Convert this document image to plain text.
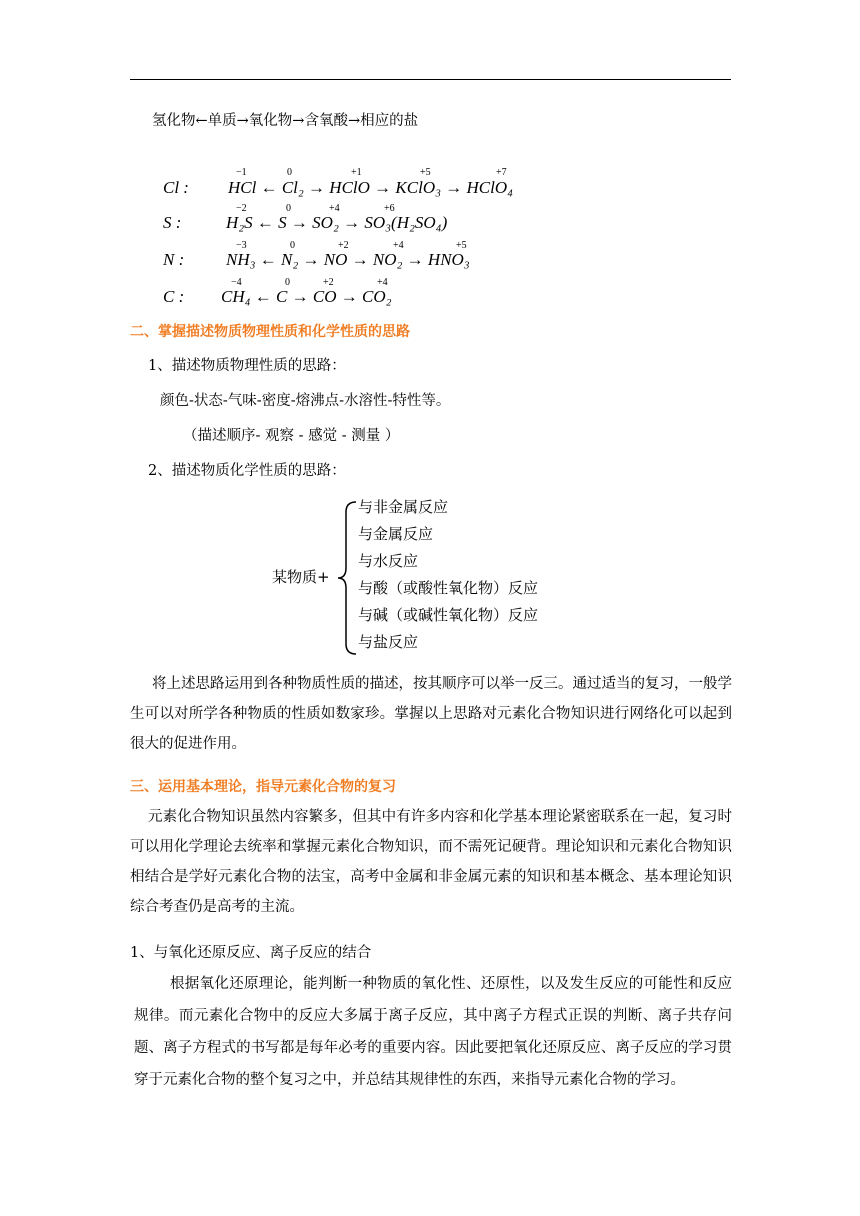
氢化物←单质→氧化物→含氧酸→相应的盐
Cl : HCl ← Cl₂ → HClO → KClO₃ → HClO₄
−1	0	+1	+5	+7
S :	H₂S ← S → SO₂ → SO₃(H₂SO₄)
−2	0	+4	+6
N : NH₃ ← N₂ → NO → NO₂ → HNO₃
−3	0	+2	+4	+5
C : CH₄ ← C → CO → CO₂
−4	0	+2	+4
二、掌握描述物质物理性质和化学性质的思路
1、描述物质物理性质的思路：
颜色-状态-气味-密度-熔沸点-水溶性-特性等。
（描述顺序- 观察 - 感觉 - 测量 ）
2、描述物质化学性质的思路：
某物质+
与非金属反应
与金属反应
与水反应
与酸（或酸性氧化物）反应
与碱（或碱性氧化物）反应
与盐反应
将上述思路运用到各种物质性质的描述，按其顺序可以举一反三。通过适当的复习，一般学生可以对所学各种物质的性质如数家珍。掌握以上思路对元素化合物知识进行网络化可以起到很大的促进作用。
三、运用基本理论，指导元素化合物的复习
元素化合物知识虽然内容繁多，但其中有许多内容和化学基本理论紧密联系在一起，复习时可以用化学理论去统率和掌握元素化合物知识，而不需死记硬背。理论知识和元素化合物知识相结合是学好元素化合物的法宝，高考中金属和非金属元素的知识和基本概念、基本理论知识综合考查仍是高考的主流。
1、与氧化还原反应、离子反应的结合
根据氧化还原理论，能判断一种物质的氧化性、还原性，以及发生反应的可能性和反应规律。而元素化合物中的反应大多属于离子反应，其中离子方程式正误的判断、离子共存问题、离子方程式的书写都是每年必考的重要内容。因此要把氧化还原反应、离子反应的学习贯穿于元素化合物的整个复习之中，并总结其规律性的东西，来指导元素化合物的学习。
